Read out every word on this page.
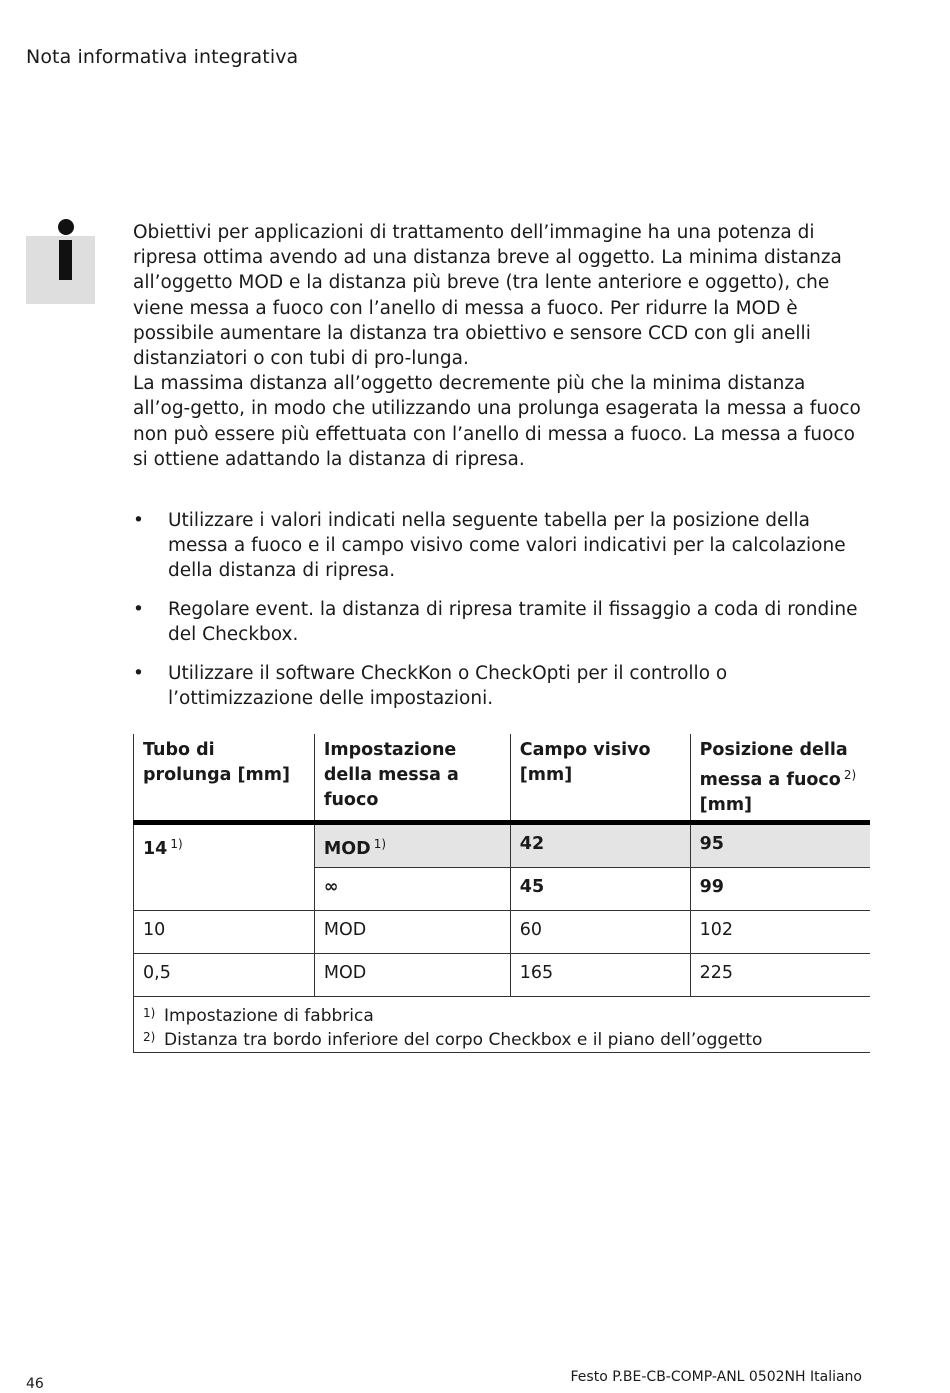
Nota informativa integrativa

Obiettivi per applicazioni di trattamento dell’immagine ha una potenza di ripresa ottima avendo ad una distanza breve al oggetto. La minima distanza all’oggetto MOD e la distanza più breve (tra lente anteriore e oggetto), che viene messa a fuoco con l’anello di messa a fuoco. Per ridurre la MOD è possibile aumentare la distanza tra obiettivo e sensore CCD con gli anelli distanziatori o con tubi di pro-lunga.

La massima distanza all’oggetto decremente più che la minima distanza all’og-getto, in modo che utilizzando una prolunga esagerata la messa a fuoco non può essere più effettuata con l’anello di messa a fuoco. La messa a fuoco si ottiene adattando la distanza di ripresa.

• Utilizzare i valori indicati nella seguente tabella per la posizione della messa a fuoco e il campo visivo come valori indicativi per la calcolazione della distanza di ripresa.
• Regolare event. la distanza di ripresa tramite il fissaggio a coda di rondine del Checkbox.
• Utilizzare il software CheckKon o CheckOpti per il controllo o l’ottimizzazione delle impostazioni.
Tubo di prolunga [mm]	Impostazione della messa a fuoco	Campo visivo [mm]	Posizione della
messa a fuoco $^{2)}$
[mm]
14 $^{1)}$	MOD $^{1)}$	42	95
	∞	45	99
10	MOD	60	102
0,5	MOD	165	225

1) Impostazione di fabbrica
2) Distanza tra bordo inferiore del corpo Checkbox e il piano dell’oggetto			
46	Festo P.BE-CB-COMP-ANL 0502NH Italiano
